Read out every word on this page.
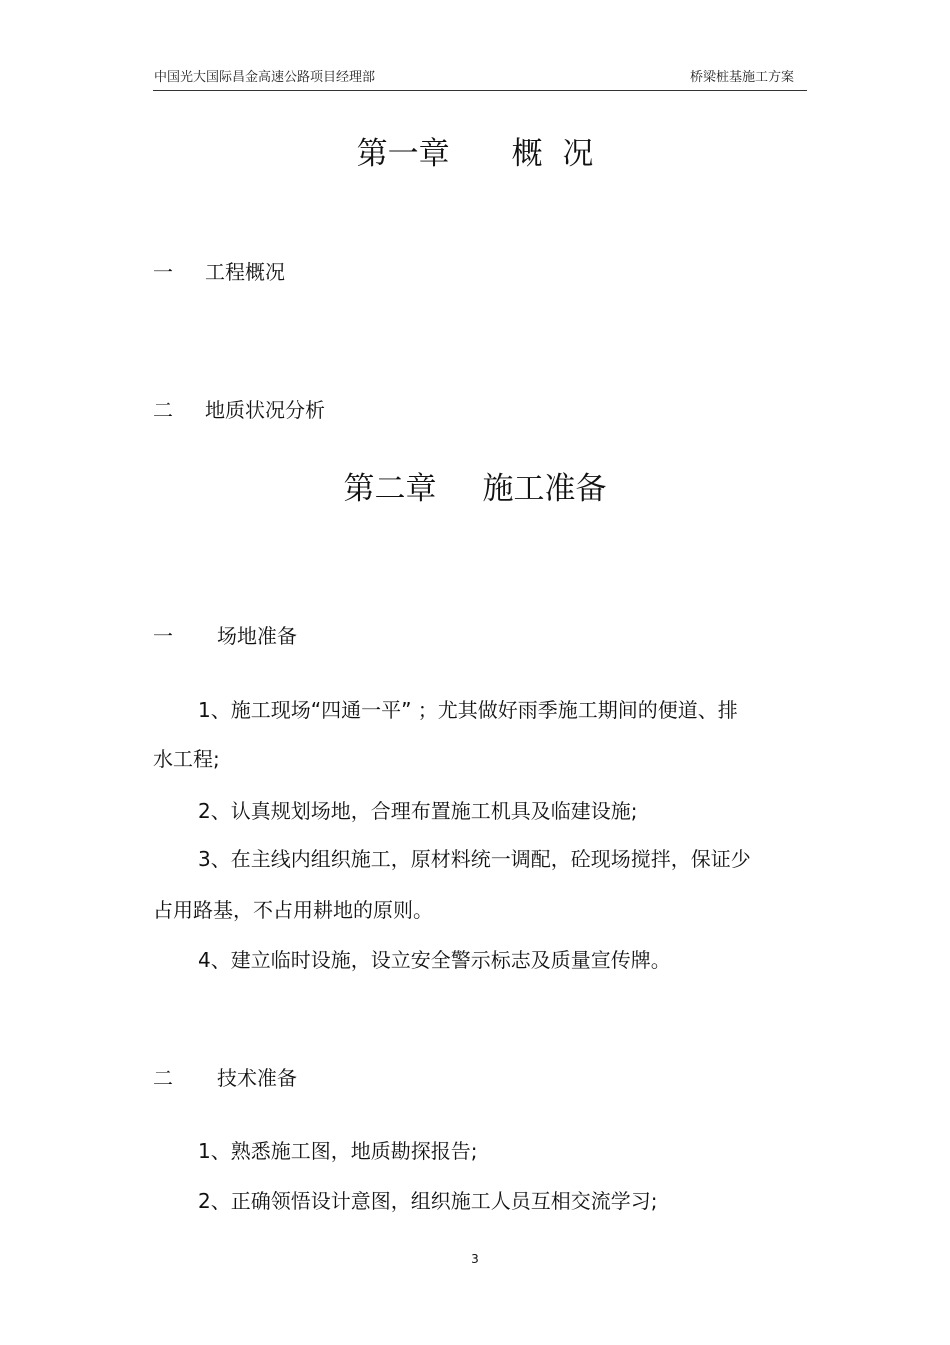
中国光大国际昌金高速公路项目经理部	桥梁桩基施工方案
第一章 概  况
一 工程概况
二 地质状况分析
第二章 施工准备
一 场地准备
1、施工现场“四通一平” ；尤其做好雨季施工期间的便道、排
水工程;
2、认真规划场地，合理布置施工机具及临建设施;
3、在主线内组织施工，原材料统一调配，砼现场搅拌，保证少
占用路基，不占用耕地的原则。
4、建立临时设施，设立安全警示标志及质量宣传牌。
二 技术准备
1、熟悉施工图，地质勘探报告;
2、正确领悟设计意图，组织施工人员互相交流学习;
3
